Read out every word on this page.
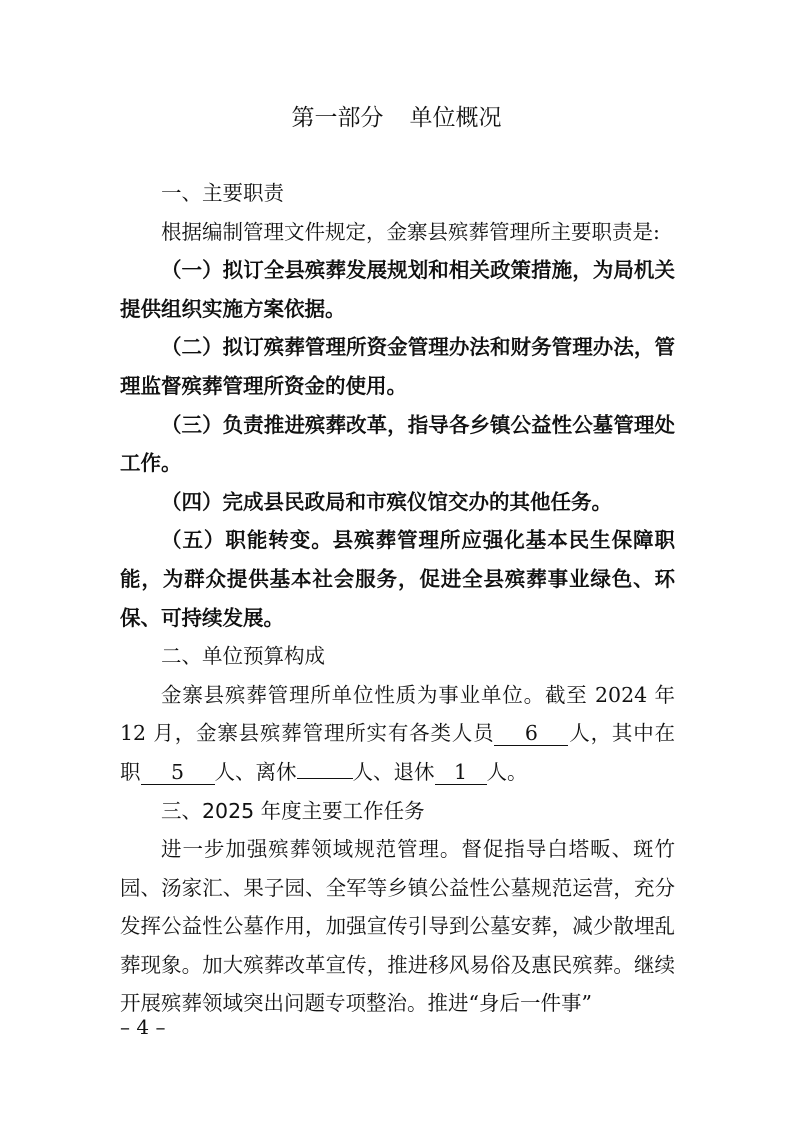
第一部分 单位概况

一、主要职责

根据编制管理文件规定，金寨县殡葬管理所主要职责是:

（一）拟订全县殡葬发展规划和相关政策措施，为局机关提供组织实施方案依据。

（二）拟订殡葬管理所资金管理办法和财务管理办法，管理监督殡葬管理所资金的使用。

（三）负责推进殡葬改革，指导各乡镇公益性公墓管理处工作。

（四）完成县民政局和市殡仪馆交办的其他任务。

（五）职能转变。县殡葬管理所应强化基本民生保障职能，为群众提供基本社会服务，促进全县殡葬事业绿色、环保、可持续发展。

二、单位预算构成

金寨县殡葬管理所单位性质为事业单位。截至 2024 年 12 月，金寨县殡葬管理所实有各类人员 6 人，其中在职 5 人、离休	人、退休 1 人。

三、2025 年度主要工作任务

进一步加强殡葬领域规范管理。督促指导白塔畈、斑竹园、汤家汇、果子园、全军等乡镇公益性公墓规范运营，充分发挥公益性公墓作用，加强宣传引导到公墓安葬，减少散埋乱葬现象。加大殡葬改革宣传，推进移风易俗及惠民殡葬。继续开展殡葬领域突出问题专项整治。推进“身后一件事”

– 4 –
